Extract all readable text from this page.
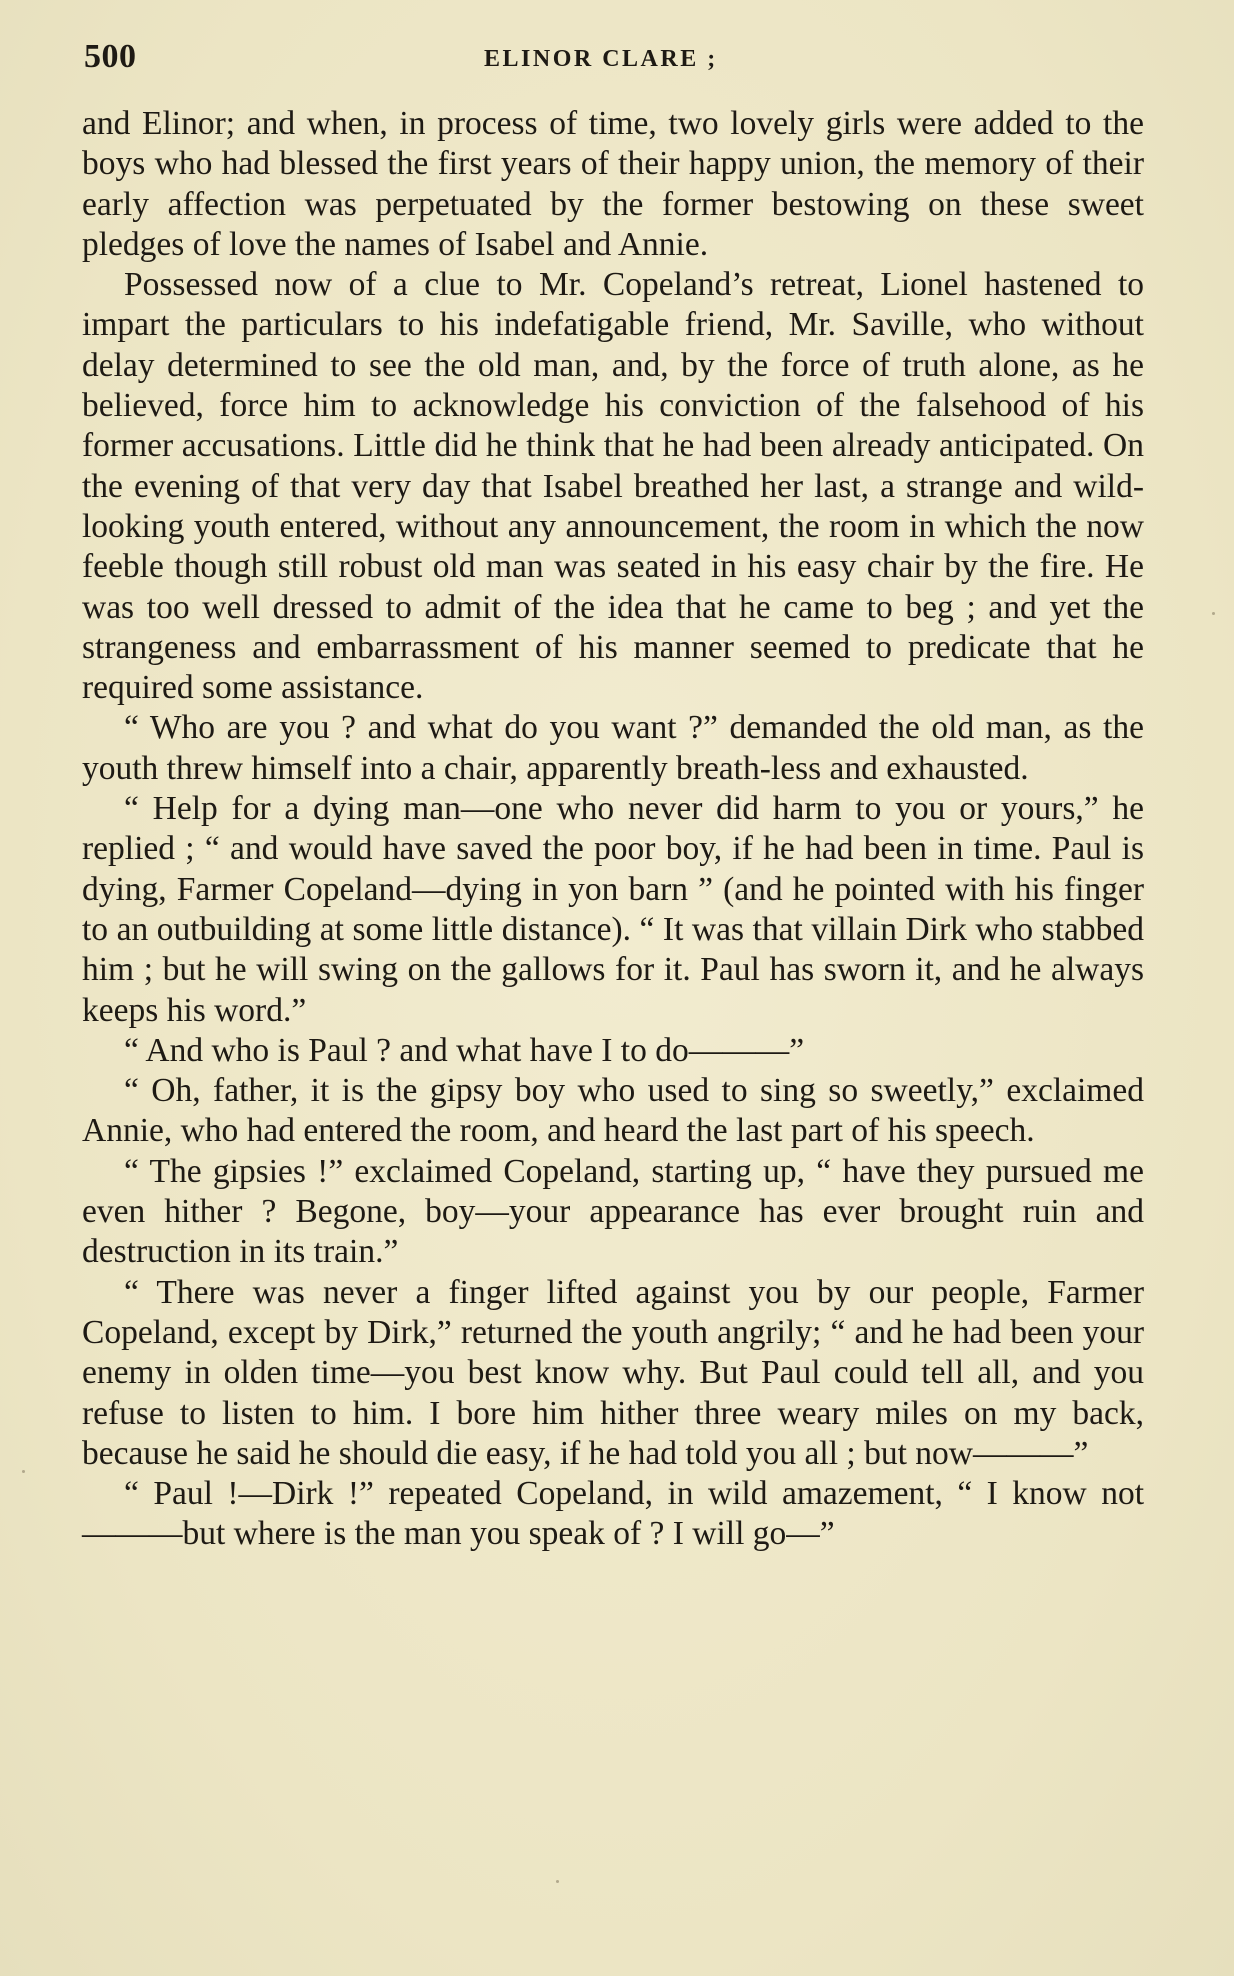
500	ELINOR CLARE ;

and Elinor; and when, in process of time, two lovely girls were added to the boys who had blessed the first years of their happy union, the memory of their early affection was perpetuated by the former bestowing on these sweet pledges of love the names of Isabel and Annie.

Possessed now of a clue to Mr. Copeland’s retreat, Lionel hastened to impart the particulars to his indefatigable friend, Mr. Saville, who without delay determined to see the old man, and, by the force of truth alone, as he believed, force him to acknowledge his conviction of the falsehood of his former accusations. Little did he think that he had been already anticipated. On the evening of that very day that Isabel breathed her last, a strange and wild-looking youth entered, without any announcement, the room in which the now feeble though still robust old man was seated in his easy chair by the fire. He was too well dressed to admit of the idea that he came to beg ; and yet the strangeness and embarrassment of his manner seemed to predicate that he required some assistance.

“ Who are you ? and what do you want ?” demanded the old man, as the youth threw himself into a chair, apparently breath-less and exhausted.

“ Help for a dying man—one who never did harm to you or yours,” he replied ; “ and would have saved the poor boy, if he had been in time. Paul is dying, Farmer Copeland—dying in yon barn ” (and he pointed with his finger to an outbuilding at some little distance). “ It was that villain Dirk who stabbed him ; but he will swing on the gallows for it. Paul has sworn it, and he always keeps his word.”

“ And who is Paul ? and what have I to do———”

“ Oh, father, it is the gipsy boy who used to sing so sweetly,” exclaimed Annie, who had entered the room, and heard the last part of his speech.

“ The gipsies !” exclaimed Copeland, starting up, “ have they pursued me even hither ? Begone, boy—your appearance has ever brought ruin and destruction in its train.”

“ There was never a finger lifted against you by our people, Farmer Copeland, except by Dirk,” returned the youth angrily; “ and he had been your enemy in olden time—you best know why. But Paul could tell all, and you refuse to listen to him. I bore him hither three weary miles on my back, because he said he should die easy, if he had told you all ; but now———”

“ Paul !—Dirk !” repeated Copeland, in wild amazement, “ I know not———but where is the man you speak of ? I will go—”
